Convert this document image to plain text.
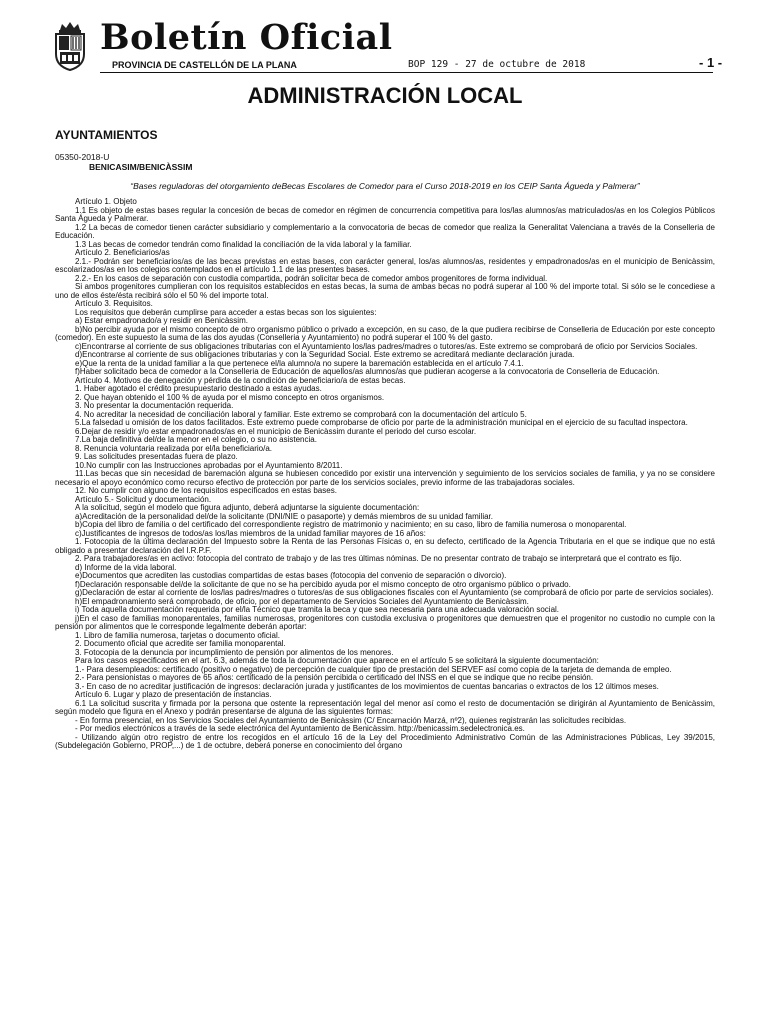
Boletín Oficial
PROVINCIA DE CASTELLÓN DE LA PLANA	BOP 129 - 27 de octubre de 2018	- 1 -
ADMINISTRACIÓN LOCAL
AYUNTAMIENTOS
05350-2018-U
BENICASIM/BENICÀSSIM
“Bases reguladoras del otorgamiento deBecas Escolares de Comedor para el Curso 2018-2019 en los CEIP Santa Águeda y Palmerar”

Artículo 1. Objeto

1.1 Es objeto de estas bases regular la concesión de becas de comedor en régimen de concurrencia competitiva para los/las alumnos/as matriculados/as en los Colegios Públicos Santa Águeda y Palmerar.

1.2 La becas de comedor tienen carácter subsidiario y complementario a la convocatoria de becas de comedor que realiza la Generalitat Valenciana a través de la Conselleria de Educación.

1.3 Las becas de comedor tendrán como finalidad la conciliación de la vida laboral y la familiar.

Artículo 2. Beneficiarios/as

2.1.- Podrán ser beneficiarios/as de las becas previstas en estas bases, con carácter general, los/as alumnos/as, residentes y empadronados/as en el municipio de Benicàssim, escolarizados/as en los colegios contemplados en el artículo 1.1 de las presentes bases.

2.2.- En los casos de separación con custodia compartida, podrán solicitar beca de comedor ambos progenitores de forma individual.

Si ambos progenitores cumplieran con los requisitos establecidos en estas becas, la suma de ambas becas no podrá superar al 100 % del importe total. Si sólo se le concediese a uno de ellos éste/ésta recibirá sólo el 50 % del importe total.

Artículo 3. Requisitos.

Los requisitos que deberán cumplirse para acceder a estas becas son los siguientes:

a) Estar empadronado/a y residir en Benicàssim.

b)No percibir ayuda por el mismo concepto de otro organismo público o privado a excepción, en su caso, de la que pudiera recibirse de Conselleria de Educación por este concepto (comedor). En este supuesto la suma de las dos ayudas (Conselleria y Ayuntamiento) no podrá superar el 100 % del gasto.

c)Encontrarse al corriente de sus obligaciones tributarias con el Ayuntamiento los/las padres/madres o tutores/as. Este extremo se comprobará de oficio por Servicios Sociales.

d)Encontrarse al corriente de sus obligaciones tributarias y con la Seguridad Social. Este extremo se acreditará mediante declaración jurada.

e)Que la renta de la unidad familiar a la que pertenece el/la alumno/a no supere la baremación establecida en el artículo 7.4.1.

f)Haber solicitado beca de comedor a la Conselleria de Educación de aquellos/as alumnos/as que pudieran acogerse a la convocatoria de Conselleria de Educación.

Artículo 4. Motivos de denegación y pérdida de la condición de beneficiario/a de estas becas.

1. Haber agotado el crédito presupuestario destinado a estas ayudas.

2. Que hayan obtenido el 100 % de ayuda por el mismo concepto en otros organismos.

3. No presentar la documentación requerida.

4. No acreditar la necesidad de conciliación laboral y familiar. Este extremo se comprobará con la documentación del artículo 5.

5.La falsedad u omisión de los datos facilitados. Este extremo puede comprobarse de oficio por parte de la administración municipal en el ejercicio de su facultad inspectora.

6.Dejar de residir y/o estar empadronados/as en el municipio de Benicàssim durante el periodo del curso escolar.

7.La baja definitiva del/de la menor en el colegio, o su no asistencia.

8. Renuncia voluntaria realizada por el/la beneficiario/a.

9. Las solicitudes presentadas fuera de plazo.

10.No cumplir con las Instrucciones aprobadas por el Ayuntamiento 8/2011.

11.Las becas que sin necesidad de baremación alguna se hubiesen concedido por existir una intervención y seguimiento de los servicios sociales de familia, y ya no se considere necesario el apoyo económico como recurso efectivo de protección por parte de los servicios sociales, previo informe de las trabajadoras sociales.

12. No cumplir con alguno de los requisitos especificados en estas bases.

Artículo 5.- Solicitud y documentación.

A la solicitud, según el modelo que figura adjunto, deberá adjuntarse la siguiente documentación:

a)Acreditación de la personalidad del/de la solicitante (DNI/NIE o pasaporte) y demás miembros de su unidad familiar.

b)Copia del libro de familia o del certificado del correspondiente registro de matrimonio y nacimiento; en su caso, libro de familia numerosa o monoparental.

c)Justificantes de ingresos de todos/as los/las miembros de la unidad familiar mayores de 16 años:

1. Fotocopia de la última declaración del Impuesto sobre la Renta de las Personas Físicas o, en su defecto, certificado de la Agencia Tributaria en el que se indique que no está obligado a presentar declaración del I.R.P.F.

2. Para trabajadores/as en activo: fotocopia del contrato de trabajo y de las tres últimas nóminas. De no presentar contrato de trabajo se interpretará que el contrato es fijo.

d) Informe de la vida laboral.

e)Documentos que acrediten las custodias compartidas de estas bases (fotocopia del convenio de separación o divorcio).

f)Declaración responsable del/de la solicitante de que no se ha percibido ayuda por el mismo concepto de otro organismo público o privado.

g)Declaración de estar al corriente de los/las padres/madres o tutores/as de sus obligaciones fiscales con el Ayuntamiento (se comprobará de oficio por parte de servicios sociales).

h)El empadronamiento será comprobado, de oficio, por el departamento de Servicios Sociales del Ayuntamiento de Benicàssim.

i) Toda aquella documentación requerida por el/la Técnico que tramita la beca y que sea necesaria para una adecuada valoración social.

j)En el caso de familias monoparentales, familias numerosas, progenitores con custodia exclusiva o progenitores que demuestren que el progenitor no custodio no cumple con la pensión por alimentos que le corresponde legalmente deberán aportar:

1. Libro de familia numerosa, tarjetas o documento oficial.

2. Documento oficial que acredite ser familia monoparental.

3. Fotocopia de la denuncia por incumplimiento de pensión por alimentos de los menores.

Para los casos especificados en el art. 6.3, además de toda la documentación que aparece en el artículo 5 se solicitará la siguiente documentación:

1.- Para desempleados: certificado (positivo o negativo) de percepción de cualquier tipo de prestación del SERVEF así como copia de la tarjeta de demanda de empleo.

2.- Para pensionistas o mayores de 65 años: certificado de la pensión percibida o certificado del INSS en el que se indique que no recibe pensión.

3.- En caso de no acreditar justificación de ingresos: declaración jurada y justificantes de los movimientos de cuentas bancarias o extractos de los 12 últimos meses.

Artículo 6. Lugar y plazo de presentación de instancias.

6.1 La solicitud suscrita y firmada por la persona que ostente la representación legal del menor así como el resto de documentación se dirigirán al Ayuntamiento de Benicàssim, según modelo que figura en el Anexo y podrán presentarse de alguna de las siguientes formas:

- En forma presencial, en los Servicios Sociales del Ayuntamiento de Benicàssim (C/ Encarnación Marzá, nº2), quienes registrarán las solicitudes recibidas.

- Por medios electrónicos a través de la sede electrónica del Ayuntamiento de Benicàssim. http://benicassim.sedelectronica.es.

- Utilizando algún otro registro de entre los recogidos en el artículo 16 de la Ley del Procedimiento Administrativo Común de las Administraciones Públicas, Ley 39/2015,(Subdelegación Gobierno, PROP,...) de 1 de octubre, deberá ponerse en conocimiento del órgano
